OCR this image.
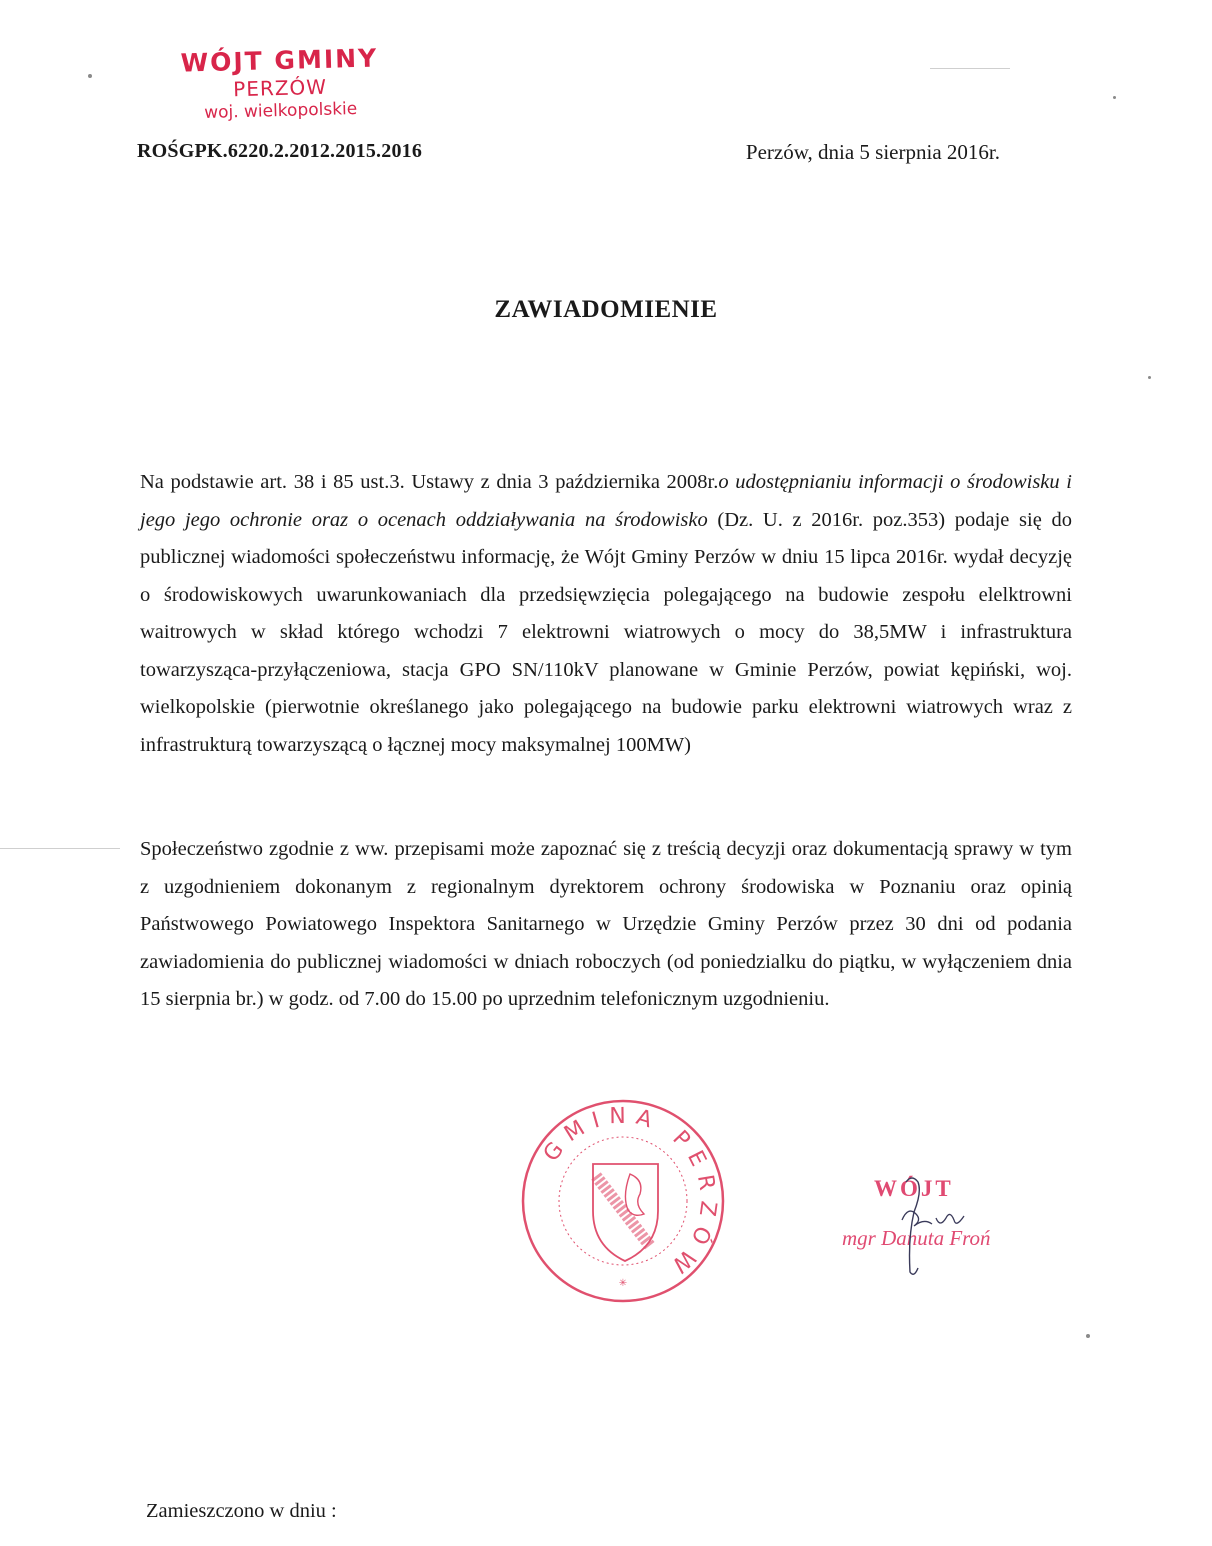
WÓJT GMINY
PERZÓW
woj. wielkopolskie
ROŚGPK.6220.2.2012.2015.2016	Perzów, dnia 5 sierpnia 2016r.
ZAWIADOMIENIE
Na podstawie art. 38 i 85 ust.3. Ustawy z dnia 3 października 2008r.o udostępnianiu informacji o środowisku i jego jego ochronie oraz o ocenach oddziaływania na środowisko (Dz. U. z 2016r. poz.353) podaje się do publicznej wiadomości społeczeństwu informację, że Wójt Gminy Perzów w dniu 15 lipca 2016r. wydał decyzję o środowiskowych uwarunkowaniach dla przedsięwzięcia polegającego na budowie zespołu elelktrowni waitrowych w skład którego wchodzi 7 elektrowni wiatrowych o mocy do 38,5MW i infrastruktura towarzysząca-przyłączeniowa, stacja GPO SN/110kV planowane w Gminie Perzów, powiat kępiński, woj. wielkopolskie (pierwotnie określanego jako polegającego na budowie parku elektrowni wiatrowych wraz z infrastrukturą towarzyszącą o łącznej mocy maksymalnej 100MW)
Społeczeństwo zgodnie z ww. przepisami może zapoznać się z treścią decyzji oraz dokumentacją sprawy w tym z uzgodnieniem dokonanym z regionalnym dyrektorem ochrony środowiska w Poznaniu oraz opinią Państwowego Powiatowego Inspektora Sanitarnego w Urzędzie Gminy Perzów przez 30 dni od podania zawiadomienia do publicznej wiadomości w dniach roboczych (od poniedzialku do piątku, w wyłączeniem dnia 15 sierpnia br.) w godz. od 7.00 do 15.00 po uprzednim telefonicznym uzgodnieniu.
GMINA PERZÓW
✳
WÓJT
mgr Danuta Froń
Zamieszczono w dniu :
